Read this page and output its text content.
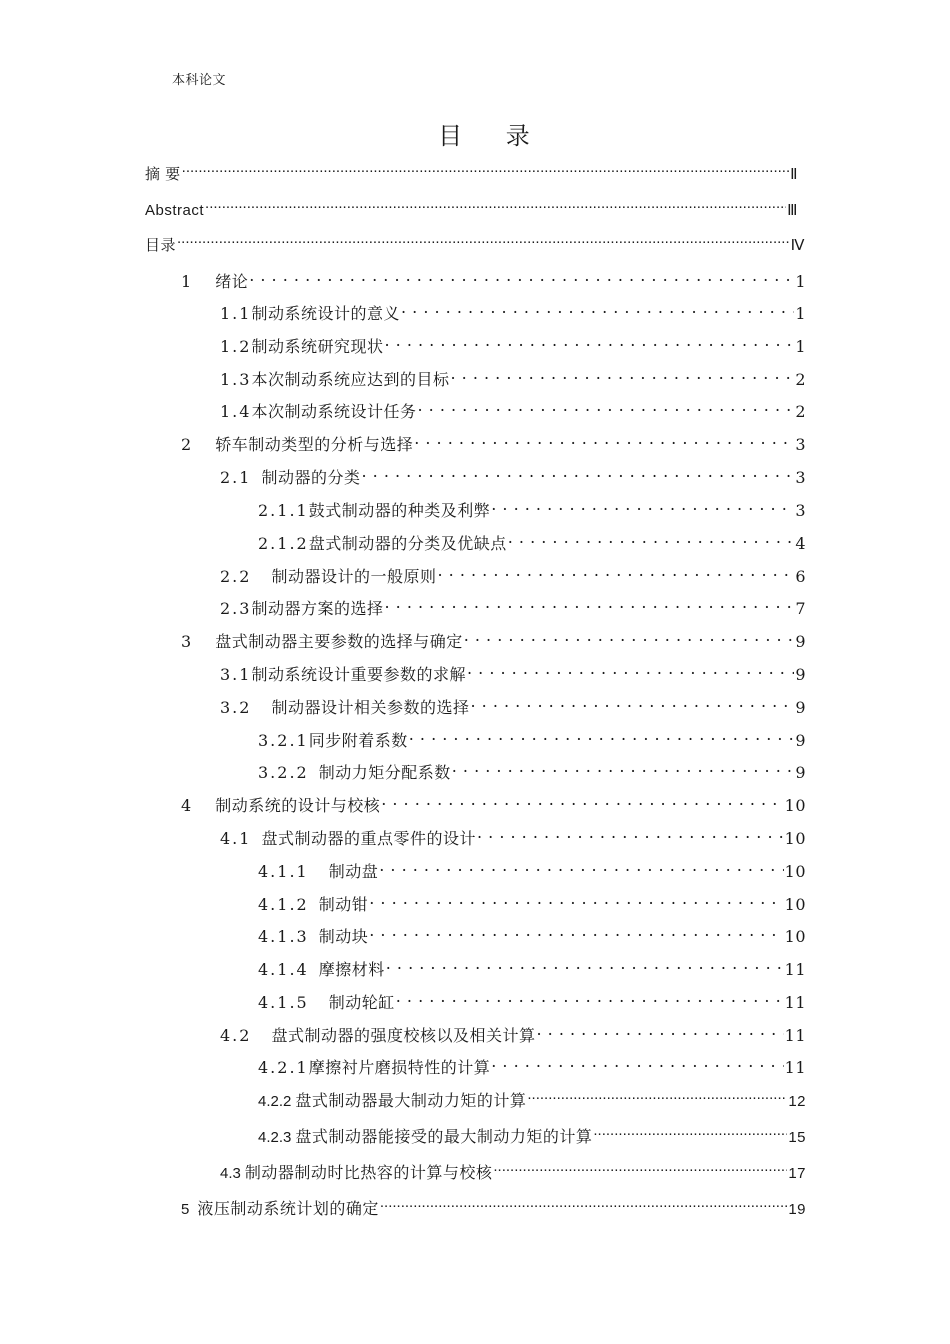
本科论文
目 录
摘 要 .....	Ⅱ
Abstract .....	Ⅲ
目录 .....	Ⅳ
1 绪论 . . .	1
1.1 制动系统设计的意义 . . .	1
1.2 制动系统研究现状 . . .	1
1.3 本次制动系统应达到的目标 . . .	2
1.4 本次制动系统设计任务 . . .	2
2 轿车制动类型的分析与选择 . . .	3
2.1 制动器的分类 . . .	3
2.1.1 鼓式制动器的种类及利弊 . . .	3
2.1.2 盘式制动器的分类及优缺点 . . .	4
2.2 制动器设计的一般原则 . . .	6
2.3 制动器方案的选择 . . .	7
3 盘式制动器主要参数的选择与确定 . . .	9
3.1 制动系统设计重要参数的求解 . . .	9
3.2 制动器设计相关参数的选择 . . .	9
3.2.1 同步附着系数 . . .	9
3.2.2 制动力矩分配系数 . . .	9
4 制动系统的设计与校核 . . .	10
4.1 盘式制动器的重点零件的设计 . . .	10
4.1.1 制动盘 . . .	10
4.1.2 制动钳 . . .	10
4.1.3 制动块 . . .	10
4.1.4 摩擦材料 . . .	11
4.1.5 制动轮缸 . . .	11
4.2 盘式制动器的强度校核以及相关计算 . . .	11
4.2.1 摩擦衬片磨损特性的计算 . . .	11
4.2.2 盘式制动器最大制动力矩的计算 .....	12
4.2.3 盘式制动器能接受的最大制动力矩的计算 .....	15
4.3 制动器制动时比热容的计算与校核 .....	17
5 液压制动系统计划的确定 .....	19
